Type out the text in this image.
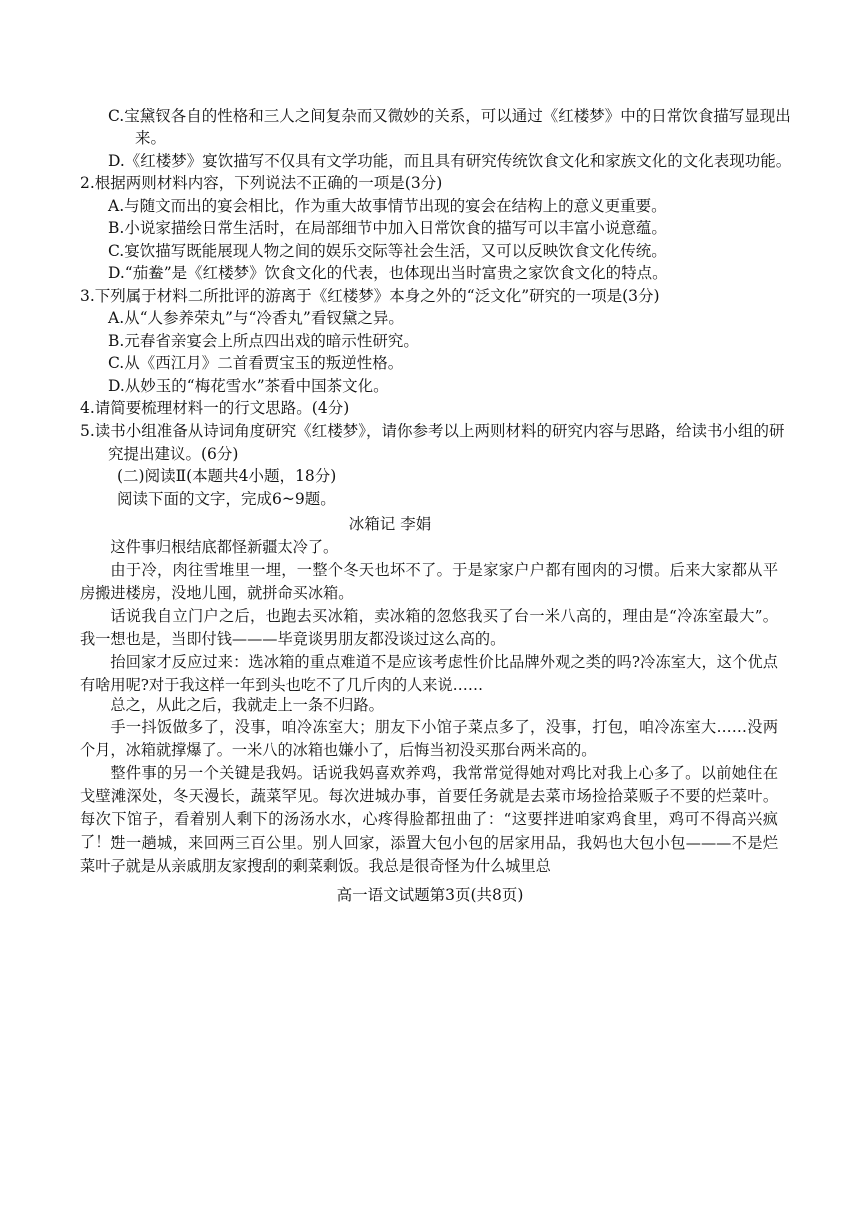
C.宝黛钗各自的性格和三人之间复杂而又微妙的关系，可以通过《红楼梦》中的日常饮食描写显现出
来。
D.《红楼梦》宴饮描写不仅具有文学功能，而且具有研究传统饮食文化和家族文化的文化表现功能。
2.根据两则材料内容，下列说法不正确的一项是(3分)
A.与随文而出的宴会相比，作为重大故事情节出现的宴会在结构上的意义更重要。
B.小说家描绘日常生活时，在局部细节中加入日常饮食的描写可以丰富小说意蕴。
C.宴饮描写既能展现人物之间的娱乐交际等社会生活，又可以反映饮食文化传统。
D.“茄鲞”是《红楼梦》饮食文化的代表，也体现出当时富贵之家饮食文化的特点。
3.下列属于材料二所批评的游离于《红楼梦》本身之外的“泛文化”研究的一项是(3分)
A.从“人参养荣丸”与“冷香丸”看钗黛之异。
B.元春省亲宴会上所点四出戏的暗示性研究。
C.从《西江月》二首看贾宝玉的叛逆性格。
D.从妙玉的“梅花雪水”茶看中国茶文化。
4.请简要梳理材料一的行文思路。(4分)
5.读书小组准备从诗词角度研究《红楼梦》，请你参考以上两则材料的研究内容与思路，给读书小组的研
究提出建议。(6分)
(二)阅读Ⅱ(本题共4小题，18分)
阅读下面的文字，完成6~9题。
冰箱记 李娟
这件事归根结底都怪新疆太冷了。
由于冷，肉往雪堆里一埋，一整个冬天也坏不了。于是家家户户都有囤肉的习惯。后来大家都从平房搬进楼房，没地儿囤，就拼命买冰箱。
话说我自立门户之后，也跑去买冰箱，卖冰箱的忽悠我买了台一米八高的，理由是“冷冻室最大”。我一想也是，当即付钱———毕竟谈男朋友都没谈过这么高的。
抬回家才反应过来：选冰箱的重点难道不是应该考虑性价比品牌外观之类的吗?冷冻室大，这个优点有啥用呢?对于我这样一年到头也吃不了几斤肉的人来说……
总之，从此之后，我就走上一条不归路。
手一抖饭做多了，没事，咱冷冻室大；朋友下小馆子菜点多了，没事，打包，咱冷冻室大……没两个月，冰箱就撑爆了。一米八的冰箱也嫌小了，后悔当初没买那台两米高的。
整件事的另一个关键是我妈。话说我妈喜欢养鸡，我常常觉得她对鸡比对我上心多了。以前她住在戈壁滩深处，冬天漫长，蔬菜罕见。每次进城办事，首要任务就是去菜市场捡拾菜贩子不要的烂菜叶。每次下馆子，看着别人剩下的汤汤水水，心疼得脸都扭曲了：“这要拌进咱家鸡食里，鸡可不得高兴疯了！”
进一趟城，来回两三百公里。别人回家，添置大包小包的居家用品，我妈也大包小包———不是烂菜叶子就是从亲戚朋友家搜刮的剩菜剩饭。我总是很奇怪为什么城里总
高一语文试题第3页(共8页)
